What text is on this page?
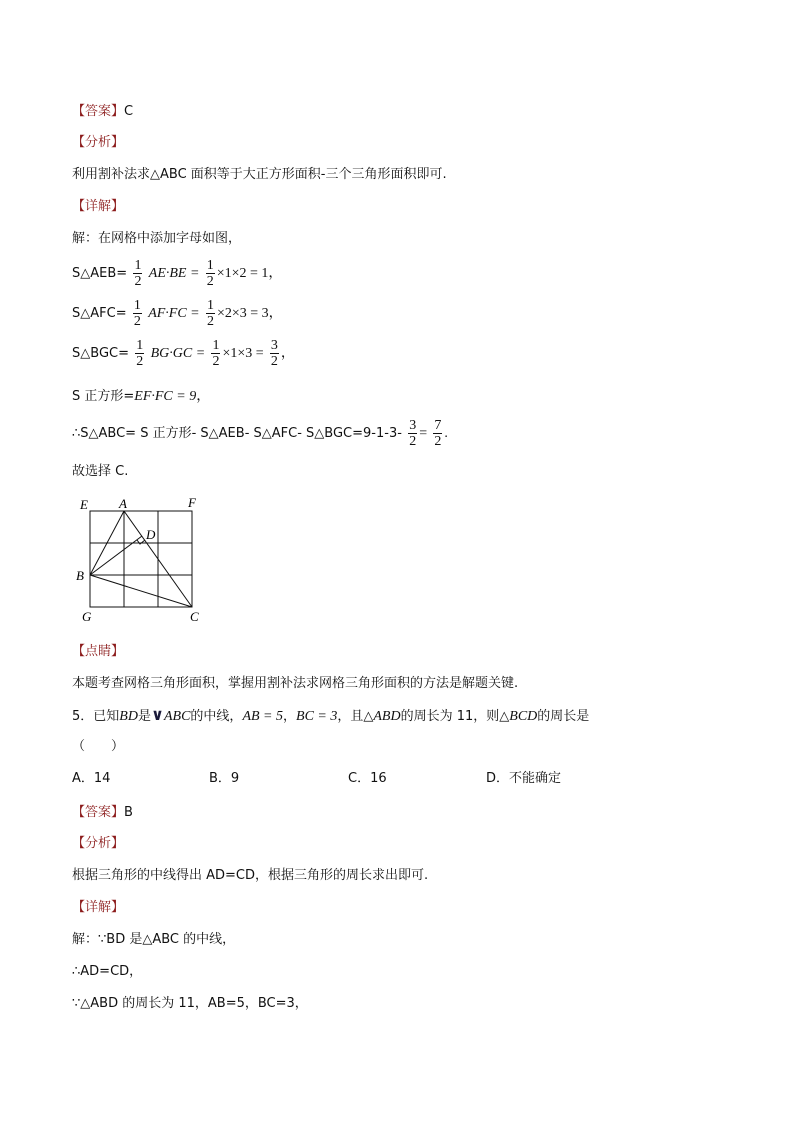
【答案】C
【分析】
利用割补法求△ABC 面积等于大正方形面积-三个三角形面积即可.
【详解】
解：在网格中添加字母如图，
S△AEB= $\frac{1}{2} AE\cdot BE = \frac{1}{2} \times 1\times 2 = 1$，
S△AFC= $\frac{1}{2} AF\cdot FC = \frac{1}{2} \times 2\times 3 = 3$，
S△BGC= $\frac{1}{2} BG\cdot GC = \frac{1}{2} \times 1\times 3 = \frac{3}{2}$ ，
S 正方形=EF·FC = 9，
∴S△ABC= S 正方形- S△AEB- S△AFC- S△BGC=9-1-3- $\frac{3}{2} = \frac{7}{2}$ .
故选择 C.
E A	F
D
B
G	C
【点睛】
本题考查网格三角形面积，掌握用割补法求网格三角形面积的方法是解题关键.
5．已知BD是∨ABC的中线，AB = 5，BC = 3，且△ABD的周长为 11，则△BCD的周长是
（　　）
A．14	B．9	C．16	D．不能确定
【答案】B
【分析】
根据三角形的中线得出 AD=CD，根据三角形的周长求出即可.
【详解】
解：∵BD 是△ABC 的中线，
∴AD=CD，
∵△ABD 的周长为 11，AB=5，BC=3，
